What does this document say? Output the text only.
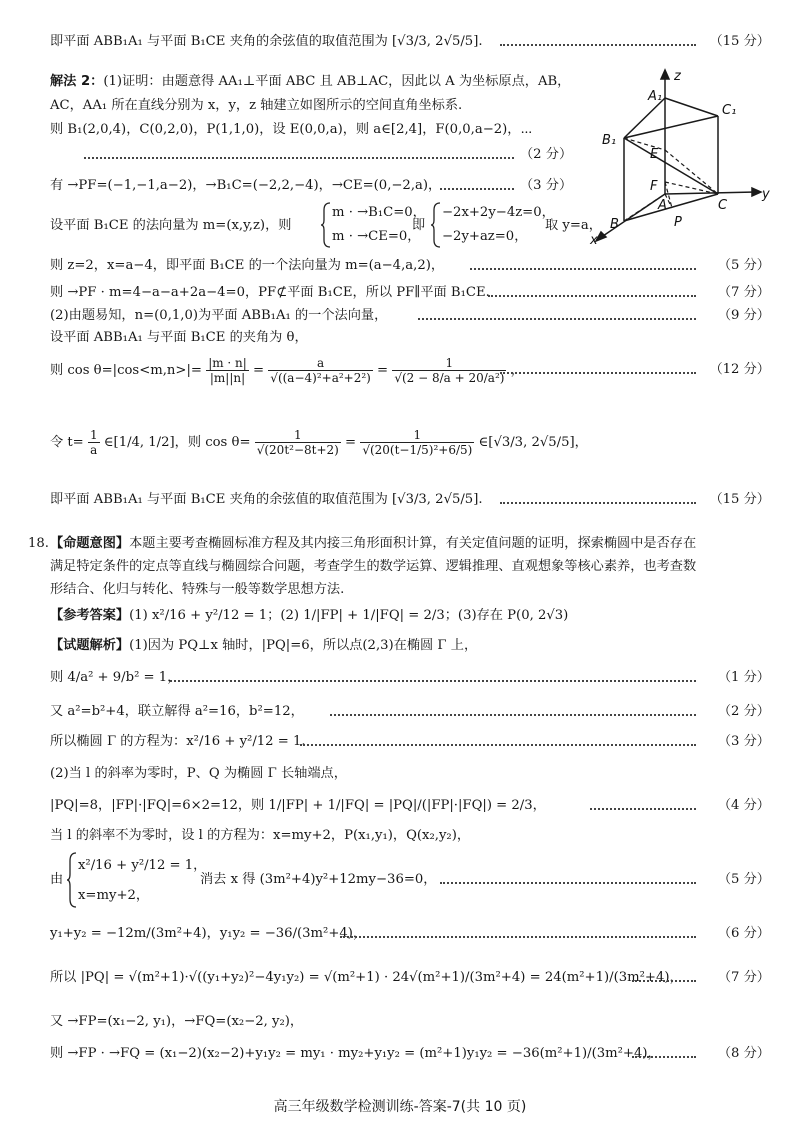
即平面 ABB₁A₁ 与平面 B₁CE 夹角的余弦值的取值范围为 [√3/3, 2√5/5].	（15 分）
解法 2：(1)证明：由题意得 AA₁⊥平面 ABC 且 AB⊥AC，因此以 A 为坐标原点，AB，
AC，AA₁ 所在直线分别为 x，y，z 轴建立如图所示的空间直角坐标系.
则 B₁(2,0,4)，C(0,2,0)，P(1,1,0)，设 E(0,0,a)，则 a∈[2,4]，F(0,0,a−2)，⋯
（2 分）
有 →PF=(−1,−1,a−2)，→B₁C=(−2,2,−4)，→CE=(0,−2,a)，	（3 分）
设平面 B₁CE 的法向量为 m=(x,y,z)，则
m · →B₁C=0，
m · →CE=0，
即
−2x+2y−4z=0，
−2y+az=0，
取 y=a，
则 z=2，x=a−4，即平面 B₁CE 的一个法向量为 m=(a−4,a,2)，	（5 分）
则 →PF · m=4−a−a+2a−4=0，PF⊄平面 B₁CE，所以 PF∥平面 B₁CE.	（7 分）
(2)由题易知，n=(0,1,0)为平面 ABB₁A₁ 的一个法向量，	（9 分）
设平面 ABB₁A₁ 与平面 B₁CE 的夹角为 θ，
则 $\cos \theta=|\cos<m,n>|= \frac{|m \cdot n|}{|m||n|} = \frac{a}{\text{√((a−4)²+a²+2²)}} = \frac{1}{\text{√(2 − 8/a + 20/a²)}}$ ，	（12 分）
令 $t= \frac{1}{a}$ ∈[1/4, 1/2]，则 $\cos \theta= \frac{1}{\text{√(20t²−8t+2)}} = \frac{1}{\text{√(20(t−1/5)²+6/5)}}$ ∈[√3/3, 2√5/5]，
即平面 ABB₁A₁ 与平面 B₁CE 夹角的余弦值的取值范围为 [√3/3, 2√5/5].	（15 分）
z
A₁
C₁
B₁
E
F
A
y
B	P
C
x
18. 【命题意图】本题主要考查椭圆标准方程及其内接三角形面积计算，有关定值问题的证明，探索椭圆中是否存在
满足特定条件的定点等直线与椭圆综合问题，考查学生的数学运算、逻辑推理、直观想象等核心素养，也考查数
形结合、化归与转化、特殊与一般等数学思想方法.
【参考答案】(1) x²/16 + y²/12 = 1；(2) 1/|FP| + 1/|FQ| = 2/3；(3)存在 P(0, 2√3)
【试题解析】(1)因为 PQ⊥x 轴时，|PQ|=6，所以点(2,3)在椭圆 Γ 上，
则 4/a² + 9/b² = 1，	（1 分）
又 a²=b²+4，联立解得 a²=16，b²=12，	（2 分）
所以椭圆 Γ 的方程为：x²/16 + y²/12 = 1.	（3 分）
(2)当 l 的斜率为零时，P、Q 为椭圆 Γ 长轴端点，
|PQ|=8，|FP|·|FQ|=6×2=12，则 1/|FP| + 1/|FQ| = |PQ|/(|FP|·|FQ|) = 2/3，	（4 分）
当 l 的斜率不为零时，设 l 的方程为：x=my+2，P(x₁,y₁)，Q(x₂,y₂)，
由
x²/16 + y²/12 = 1，
x=my+2，
消去 x 得 (3m²+4)y²+12my−36=0，	（5 分）
y₁+y₂ = −12m/(3m²+4)，y₁y₂ = −36/(3m²+4)，	（6 分）
所以 |PQ| = √(m²+1)·√((y₁+y₂)²−4y₁y₂) = √(m²+1) · 24√(m²+1)/(3m²+4) = 24(m²+1)/(3m²+4)，	（7 分）
又 →FP=(x₁−2, y₁)，→FQ=(x₂−2, y₂)，
则 →FP · →FQ = (x₁−2)(x₂−2)+y₁y₂ = my₁ · my₂+y₁y₂ = (m²+1)y₁y₂ = −36(m²+1)/(3m²+4)，	（8 分）
高三年级数学检测训练-答案-7(共 10 页)
